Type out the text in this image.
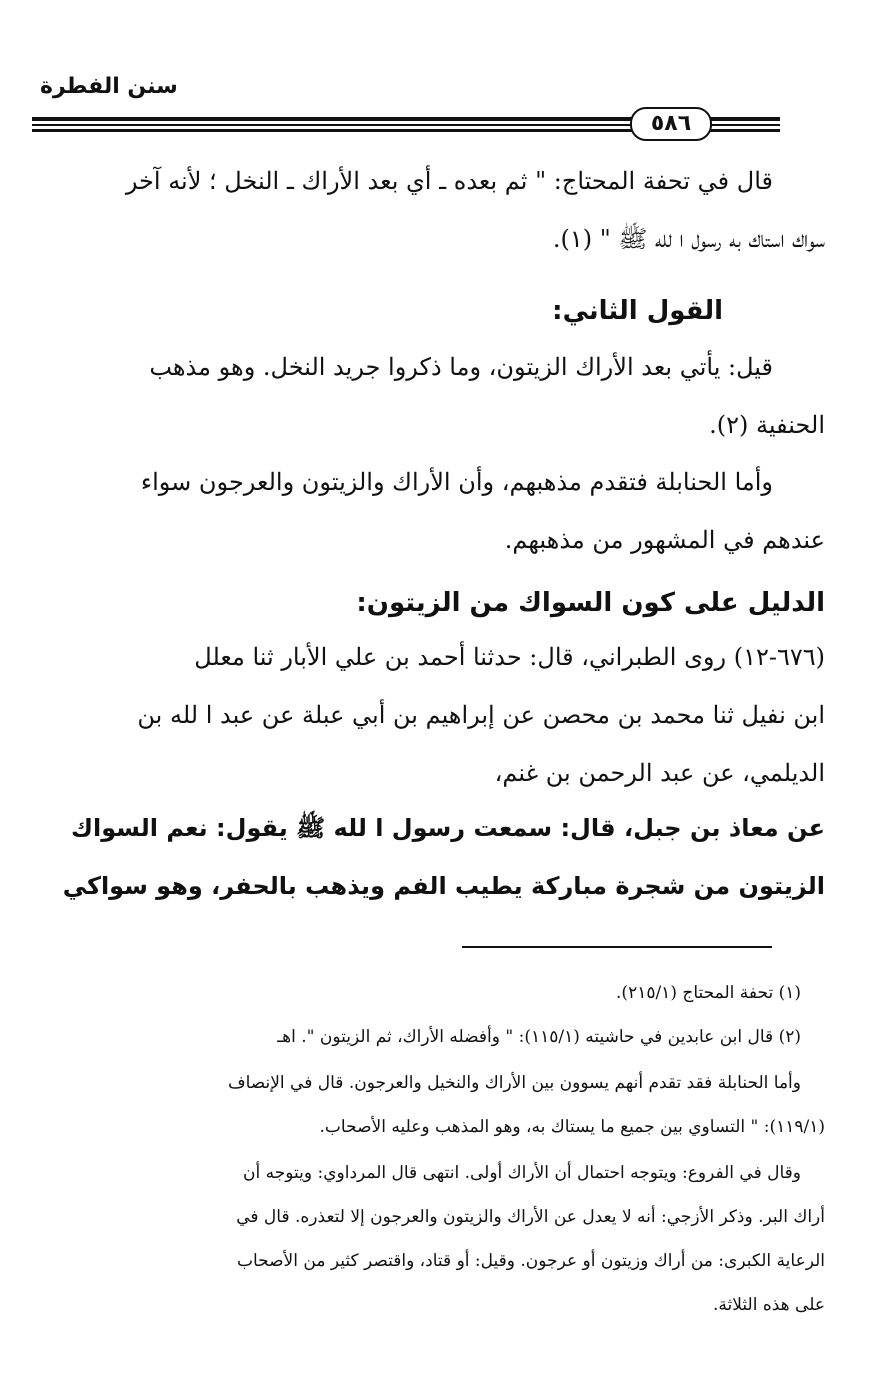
سنن الفطرة
٥٨٦
قال في تحفة المحتاج: " ثم بعده ـ أي بعد الأراك ـ النخل ؛ لأنه آخر
سواك استاك به رسول ا لله ﷺ " (١).
القول الثاني:
قيل: يأتي بعد الأراك الزيتون، وما ذكروا جريد النخل. وهو مذهب
الحنفية (٢).
وأما الحنابلة فتقدم مذهبهم، وأن الأراك والزيتون والعرجون سواء
عندهم في المشهور من مذهبهم.
الدليل على كون السواك من الزيتون:
(٦٧٦-١٢) روى الطبراني، قال: حدثنا أحمد بن علي الأبار ثنا معلل
ابن نفيل ثنا محمد بن محصن عن إبراهيم بن أبي عبلة عن عبد ا لله بن
الديلمي، عن عبد الرحمن بن غنم،
عن معاذ بن جبل، قال: سمعت رسول ا لله ﷺ يقول: نعم السواك
الزيتون من شجرة مباركة يطيب الفم ويذهب بالحفر، وهو سواكي
(١) تحفة المحتاج (٢١٥/١).
(٢) قال ابن عابدين في حاشيته (١١٥/١): " وأفضله الأراك، ثم الزيتون ". اهـ
وأما الحنابلة فقد تقدم أنهم يسوون بين الأراك والنخيل والعرجون. قال في الإنصاف
(١١٩/١): " التساوي بين جميع ما يستاك به، وهو المذهب وعليه الأصحاب.
وقال في الفروع: ويتوجه احتمال أن الأراك أولى. انتهى قال المرداوي: ويتوجه أن
أراك البر. وذكر الأزجي: أنه لا يعدل عن الأراك والزيتون والعرجون إلا لتعذره. قال في
الرعاية الكبرى: من أراك وزيتون أو عرجون. وقيل: أو قتاد، واقتصر كثير من الأصحاب
على هذه الثلاثة.
